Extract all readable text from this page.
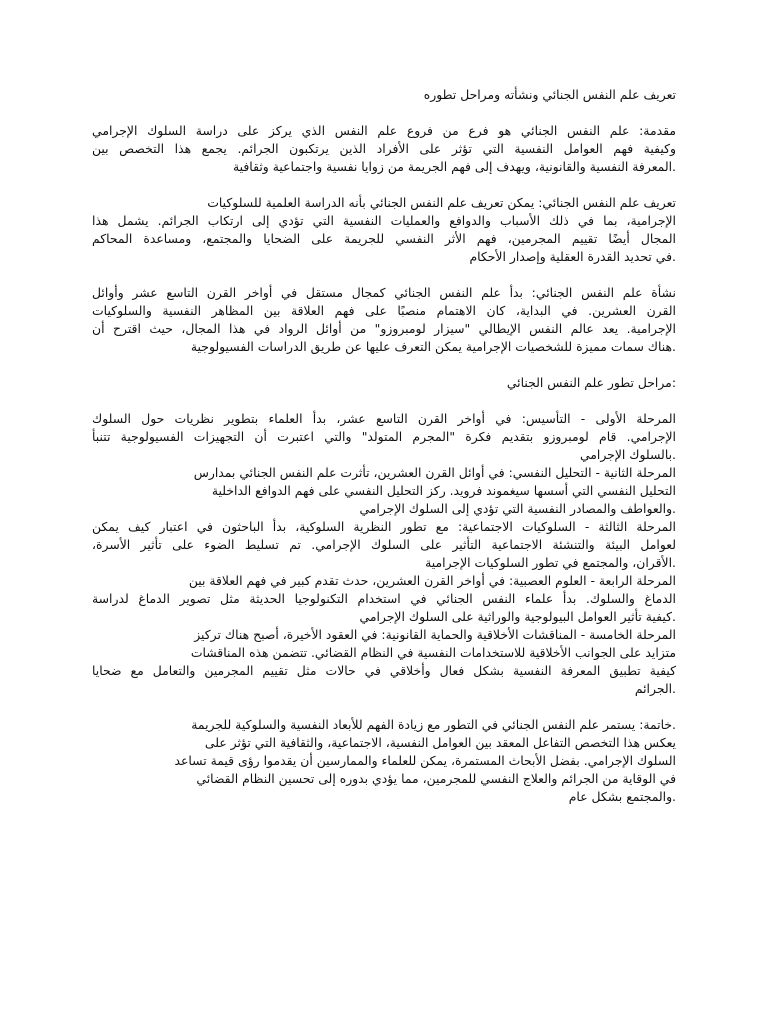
تعريف علم النفس الجنائي ونشأته ومراحل تطوره
مقدمة: علم النفس الجنائي هو فرع من فروع علم النفس الذي يركز على دراسة السلوك الإجرامي
وكيفية فهم العوامل النفسية التي تؤثر على الأفراد الذين يرتكبون الجرائم. يجمع هذا التخصص بين
.المعرفة النفسية والقانونية، ويهدف إلى فهم الجريمة من زوايا نفسية واجتماعية وثقافية
تعريف علم النفس الجنائي: يمكن تعريف علم النفس الجنائي بأنه الدراسة العلمية للسلوكيات
الإجرامية، بما في ذلك الأسباب والدوافع والعمليات النفسية التي تؤدي إلى ارتكاب الجرائم. يشمل هذا
المجال أيضًا تقييم المجرمين، فهم الأثر النفسي للجريمة على الضحايا والمجتمع، ومساعدة المحاكم
.في تحديد القدرة العقلية وإصدار الأحكام
نشأة علم النفس الجنائي: بدأ علم النفس الجنائي كمجال مستقل في أواخر القرن التاسع عشر وأوائل
القرن العشرين. في البداية، كان الاهتمام منصبًا على فهم العلاقة بين المظاهر النفسية والسلوكيات
الإجرامية. يعد عالم النفس الإيطالي "سيزار لومبروزو" من أوائل الرواد في هذا المجال، حيث اقترح أن
.هناك سمات مميزة للشخصيات الإجرامية يمكن التعرف عليها عن طريق الدراسات الفسيولوجية
:مراحل تطور علم النفس الجنائي
المرحلة الأولى - التأسيس: في أواخر القرن التاسع عشر، بدأ العلماء بتطوير نظريات حول السلوك
الإجرامي. قام لومبروزو بتقديم فكرة "المجرم المتولد" والتي اعتبرت أن التجهيزات الفسيولوجية تتنبأ
.بالسلوك الإجرامي
المرحلة الثانية - التحليل النفسي: في أوائل القرن العشرين، تأثرت علم النفس الجنائي بمدارس
التحليل النفسي التي أسسها سيغموند فرويد. ركز التحليل النفسي على فهم الدوافع الداخلية
.والعواطف والمصادر النفسية التي تؤدي إلى السلوك الإجرامي
المرحلة الثالثة - السلوكيات الاجتماعية: مع تطور النظرية السلوكية، بدأ الباحثون في اعتبار كيف يمكن
لعوامل البيئة والتنشئة الاجتماعية التأثير على السلوك الإجرامي. تم تسليط الضوء على تأثير الأسرة،
.الأقران، والمجتمع في تطور السلوكيات الإجرامية
المرحلة الرابعة - العلوم العصبية: في أواخر القرن العشرين، حدث تقدم كبير في فهم العلاقة بين
الدماغ والسلوك. بدأ علماء النفس الجنائي في استخدام التكنولوجيا الحديثة مثل تصوير الدماغ لدراسة
.كيفية تأثير العوامل البيولوجية والوراثية على السلوك الإجرامي
المرحلة الخامسة - المناقشات الأخلاقية والحماية القانونية: في العقود الأخيرة، أصبح هناك تركيز
متزايد على الجوانب الأخلاقية للاستخدامات النفسية في النظام القضائي. تتضمن هذه المناقشات
كيفية تطبيق المعرفة النفسية بشكل فعال وأخلاقي في حالات مثل تقييم المجرمين والتعامل مع ضحايا
.الجرائم
.خاتمة: يستمر علم النفس الجنائي في التطور مع زيادة الفهم للأبعاد النفسية والسلوكية للجريمة
يعكس هذا التخصص التفاعل المعقد بين العوامل النفسية، الاجتماعية، والثقافية التي تؤثر على
السلوك الإجرامي. بفضل الأبحاث المستمرة، يمكن للعلماء والممارسين أن يقدموا رؤى قيمة تساعد
في الوقاية من الجرائم والعلاج النفسي للمجرمين، مما يؤدي بدوره إلى تحسين النظام القضائي
.والمجتمع بشكل عام
